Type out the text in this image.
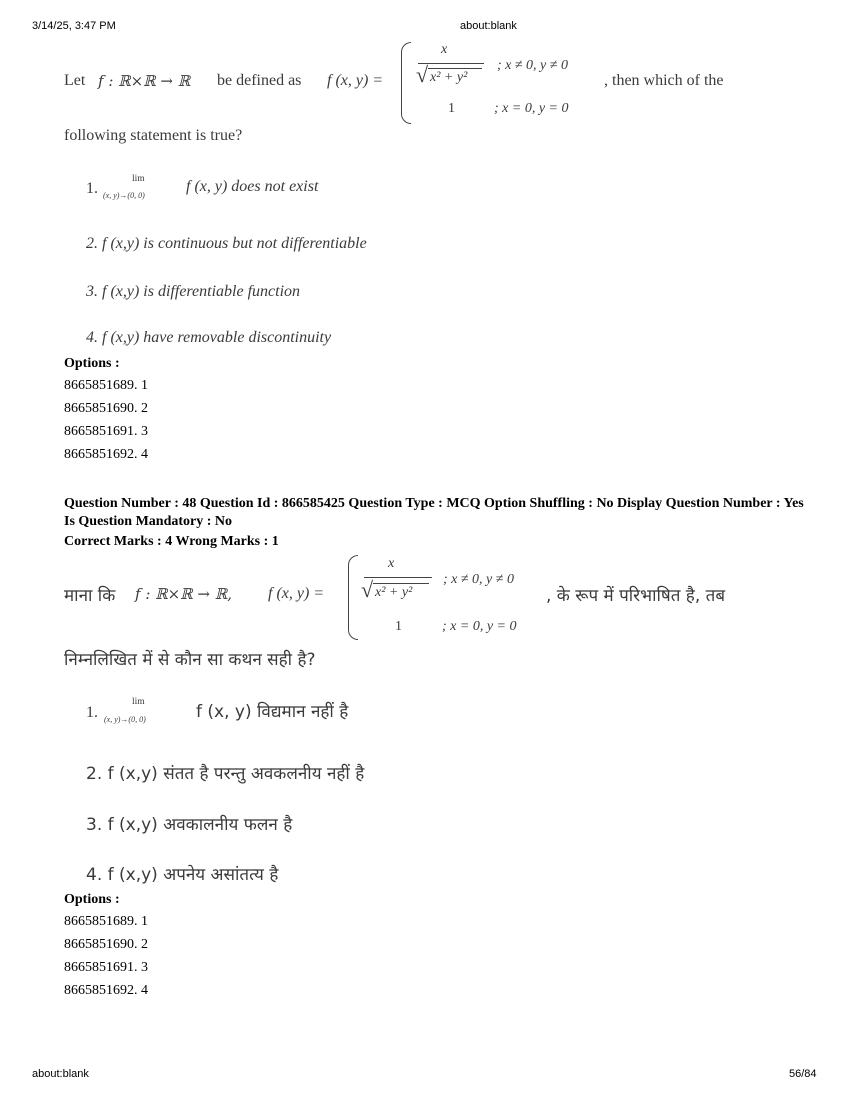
3/14/25, 3:47 PM	about:blank
about:blank	56/84
Let f : ℝ×ℝ → ℝ be defined as f (x, y) =
x
√ x² + y²
; x ≠ 0, y ≠ 0
1	; x = 0, y = 0
, then which of the
following statement is true?
1.
lim
(x, y)→(0, 0)
f (x, y) does not exist
2. f (x,y) is continuous but not differentiable
3. f (x,y) is differentiable function
4. f (x,y) have removable discontinuity
Options :
8665851689. 1
8665851690. 2
8665851691. 3
8665851692. 4
Question Number : 48 Question Id : 866585425 Question Type : MCQ Option Shuffling : No Display Question Number : Yes Is Question Mandatory : No
Correct Marks : 4 Wrong Marks : 1
माना कि f : ℝ×ℝ → ℝ, f (x, y) =
x
√ x² + y²
; x ≠ 0, y ≠ 0
1	; x = 0, y = 0
, के रूप में परिभाषित है, तब
निम्नलिखित में से कौन सा कथन सही है?
1.
lim
(x, y)→(0, 0)	f (x, y) विद्यमान नहीं है
2. f (x,y) संतत है परन्तु अवकलनीय नहीं है
3. f (x,y) अवकालनीय फलन है
4. f (x,y) अपनेय असांतत्य है
Options :
8665851689. 1
8665851690. 2
8665851691. 3
8665851692. 4
